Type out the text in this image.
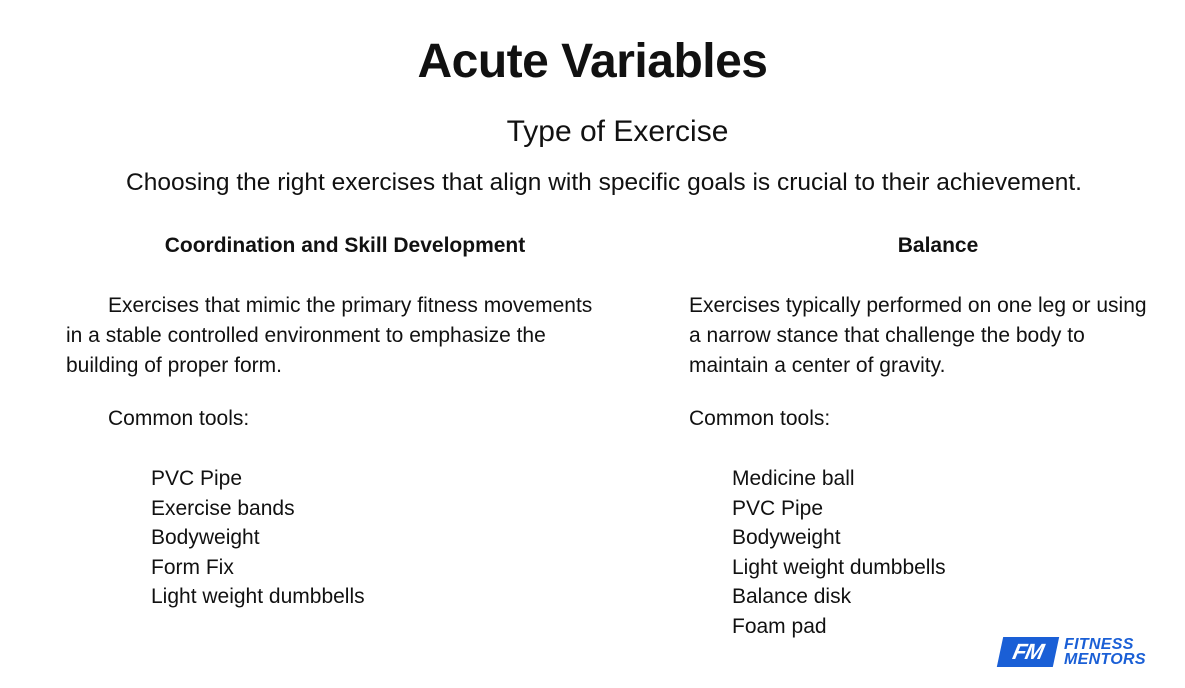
Acute Variables
Type of Exercise
Choosing the right exercises that align with specific goals is crucial to their achievement.
Coordination and Skill Development	Balance
Exercises that mimic the primary fitness movements in a stable controlled environment to emphasize the building of proper form.
Exercises typically performed on one leg or using a narrow stance that challenge the body to maintain a center of gravity.
Common tools:	Common tools:
PVC Pipe
Exercise bands
Bodyweight
Form Fix
Light weight dumbbells
Medicine ball
PVC Pipe
Bodyweight
Light weight dumbbells
Balance disk
Foam pad
FM	FITNESS
MENTORS
